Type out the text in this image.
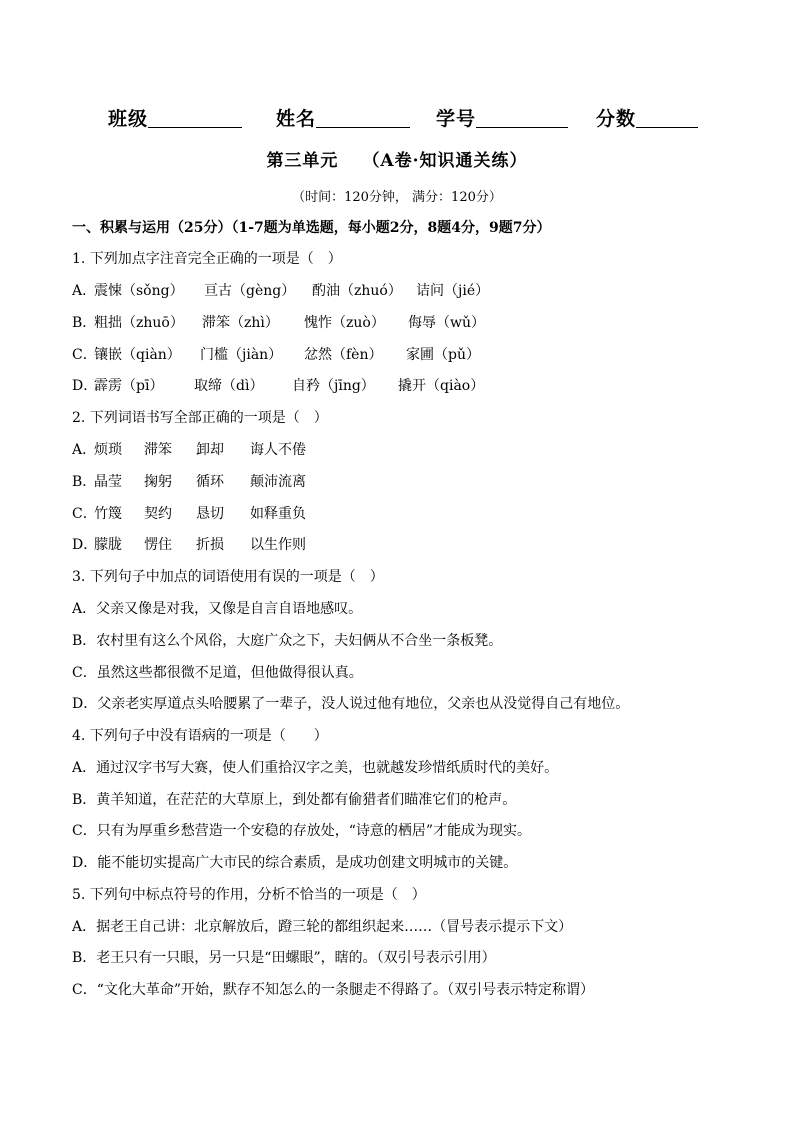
班级	姓名	学号	分数
第三单元 （A卷·知识通关练）
（时间：120分钟， 满分：120分）
一、积累与运用（25分）（1-7题为单选题，每小题2分，8题4分，9题7分）
1. 下列加点字注音完全正确的一项是（　）
A．
震悚（sǒng） 亘古（gèng） 酌油（zhuó） 诘问（jié）
B．
粗拙（zhuō） 滞笨（zhì） 愧怍（zuò） 侮辱（wǔ）
C．
镶嵌（qiàn） 门槛（jiàn） 忿然（fèn） 家圃（pǔ）
D．
霹雳（pī） 取缔（dì） 自矜（jīng） 撬开（qiào）
2. 下列词语书写全部正确的一项是（　）
A．
烦琐 滞笨 卸却 诲人不倦
B．
晶莹 掬躬 循环 颠沛流离
C．
竹篾 契约 恳切 如释重负
D．
朦胧 愣住 折损 以生作则
3. 下列句子中加点的词语使用有误的一项是（　）
A．父亲又像是对我，又像是自言自语地感叹。
B．农村里有这么个风俗，大庭广众之下，夫妇俩从不合坐一条板凳。
C．虽然这些都很微不足道，但他做得很认真。
D．父亲老实厚道点头哈腰累了一辈子，没人说过他有地位，父亲也从没觉得自己有地位。
4. 下列句子中没有语病的一项是（　　）
A．通过汉字书写大赛，使人们重拾汉字之美，也就越发珍惜纸质时代的美好。
B．黄羊知道，在茫茫的大草原上，到处都有偷猎者们瞄准它们的枪声。
C．只有为厚重乡愁营造一个安稳的存放处，“诗意的栖居”才能成为现实。
D．能不能切实提高广大市民的综合素质，是成功创建文明城市的关键。
5. 下列句中标点符号的作用，分析不恰当的一项是（　）
A．据老王自己讲：北京解放后，蹬三轮的都组织起来……（冒号表示提示下文）
B．老王只有一只眼，另一只是“田螺眼”，瞎的。（双引号表示引用）
C．“文化大革命”开始，默存不知怎么的一条腿走不得路了。（双引号表示特定称谓）
